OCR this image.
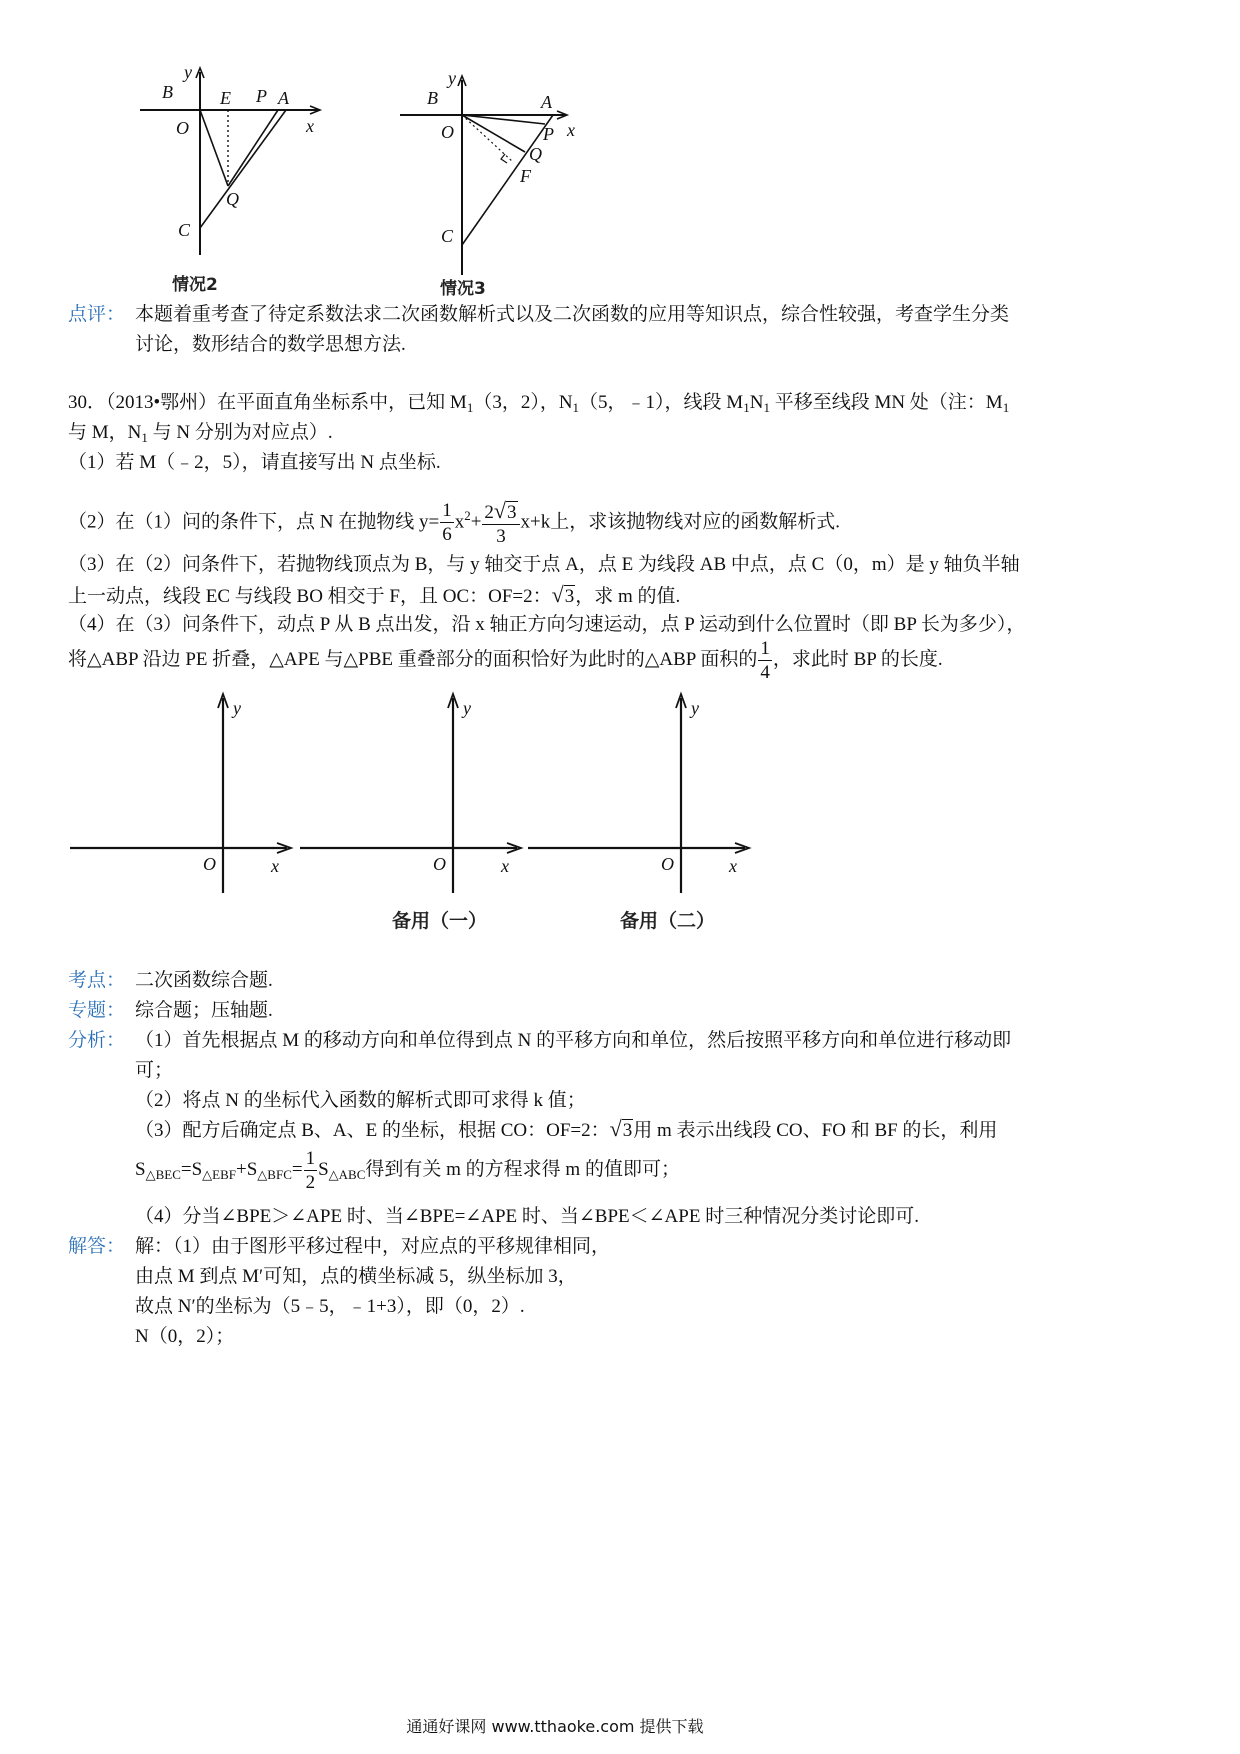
y
B	E P A
x
O
Q
C
情况2
y
B	A
x
O	P
Q
F
C
情况3
点评： 本题着重考查了待定系数法求二次函数解析式以及二次函数的应用等知识点，综合性较强，考查学生分类
讨论，数形结合的数学思想方法.
30．（2013•鄂州）在平面直角坐标系中，已知 $M_1(3$，2），$N_1(5$，﹣1），线段 $M_1N_1$ 平移至线段 MN 处（注：$M_1$
与 M，$N_1$ 与 N 分别为对应点）.
（1）若 M（﹣2，5），请直接写出 N 点坐标.
（2）在（1）问的条件下，点 N 在抛物线 $y= \frac{1}{6} x^2+ \frac{2√3}{3} x+k$上，求该抛物线对应的函数解析式.
（3）在（2）问条件下，若抛物线顶点为 B，与 y 轴交于点 A，点 E 为线段 AB 中点，点 C（0，m）是 y 轴负半轴
上一动点，线段 EC 与线段 BO 相交于 F，且 OC：OF=2：√3，求 m 的值.
（4）在（3）问条件下，动点 P 从 B 点出发，沿 x 轴正方向匀速运动，点 P 运动到什么位置时（即 BP 长为多少），
将△ABP 沿边 PE 折叠，△APE 与△PBE 重叠部分的面积恰好为此时的△ABP 面积的 $\frac{1}{4}$ ，求此时 BP 的长度.
y
O	x
y
O	x
y
O	x
备用（一）	备用（二）
考点： 二次函数综合题.
专题： 综合题；压轴题.
分析： （1）首先根据点 M 的移动方向和单位得到点 N 的平移方向和单位，然后按照平移方向和单位进行移动即
可；
（2）将点 N 的坐标代入函数的解析式即可求得 k 值；
（3）配方后确定点 B、A、E 的坐标，根据 CO：OF=2：√3用 m 表示出线段 CO、FO 和 BF 的长，利用
$S_{\triangle BEC}=S_{\triangle EBF}+S_{\triangle BFC}= \frac{1}{2} S_{\triangle ABC}$得到有关 m 的方程求得 m 的值即可；
（4）分当∠BPE＞∠APE 时、当∠BPE=∠APE 时、当∠BPE＜∠APE 时三种情况分类讨论即可.
解答： 解：（1）由于图形平移过程中，对应点的平移规律相同，
由点 M 到点 M′可知，点的横坐标减 5，纵坐标加 3，
故点 N′的坐标为（5﹣5，﹣1+3），即（0，2）.
N（0，2）；
通通好课网 www.tthaoke.com 提供下载
